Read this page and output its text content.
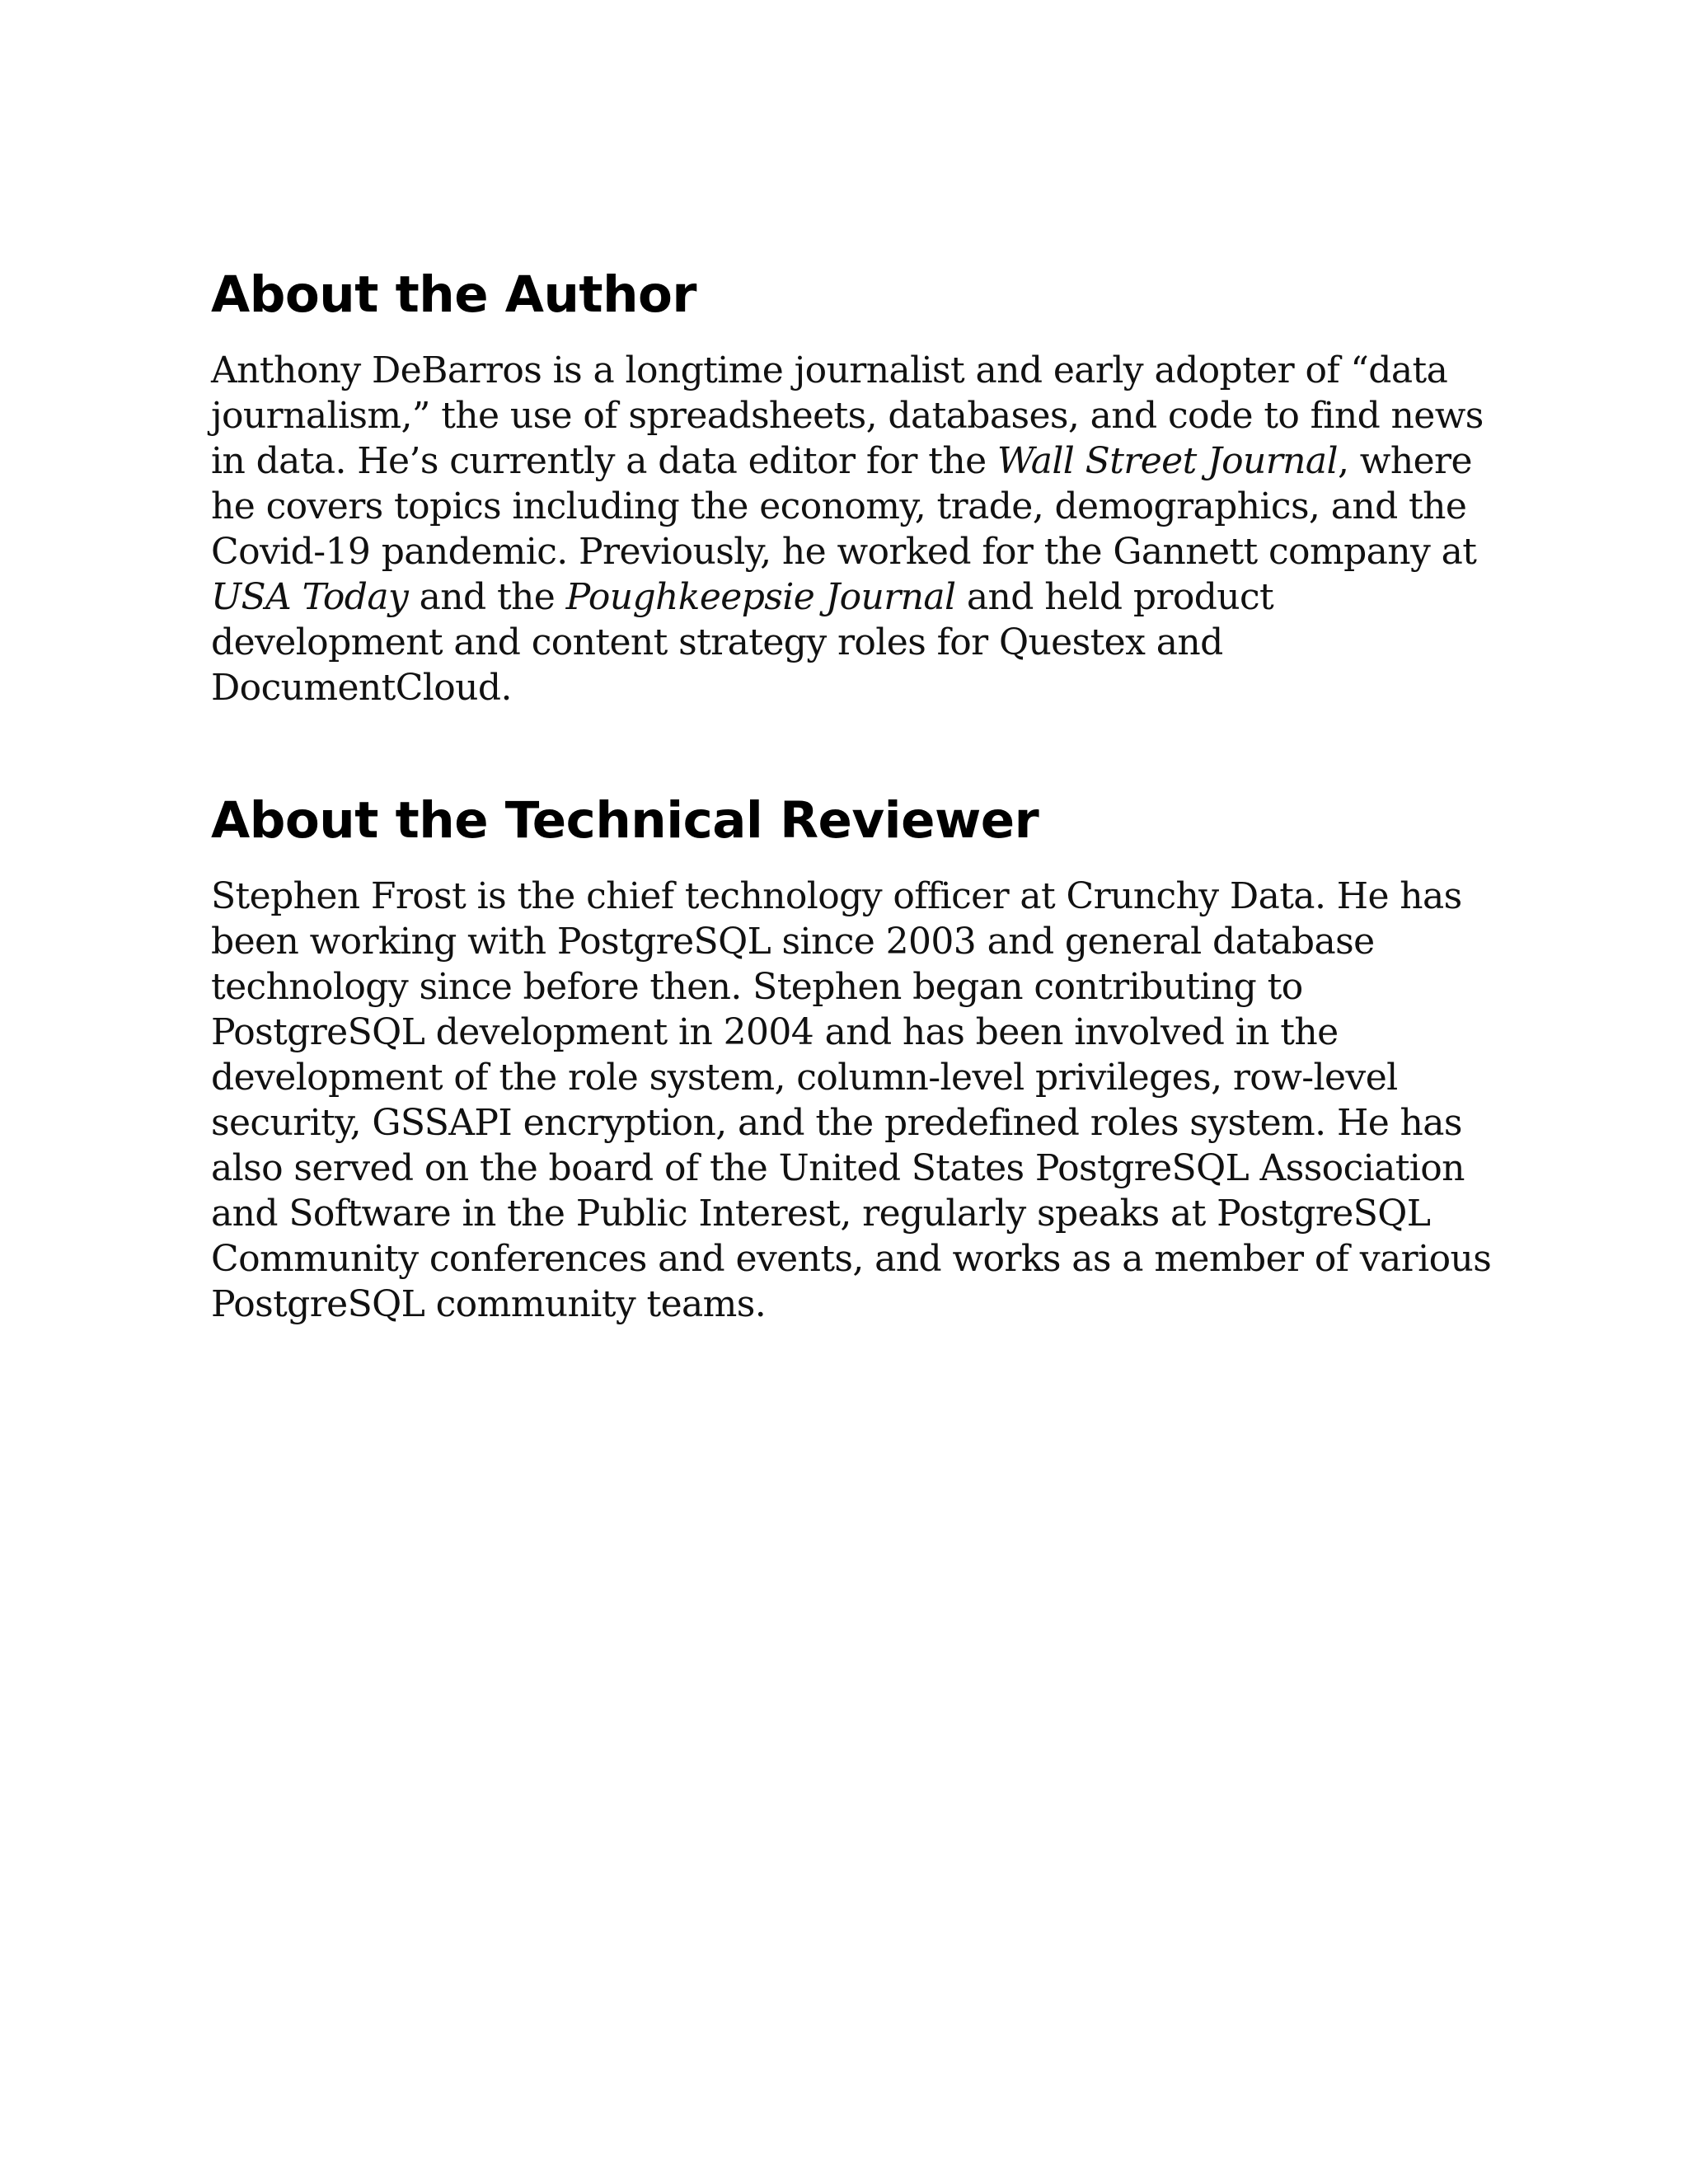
About the Author

Anthony DeBarros is a longtime journalist and early adopter of “data journalism,” the use of spreadsheets, databases, and code to find news in data. He’s currently a data editor for the Wall Street Journal, where he covers topics including the economy, trade, demographics, and the Covid-19 pandemic. Previously, he worked for the Gannett company at USA Today and the Poughkeepsie Journal and held product development and content strategy roles for Questex and DocumentCloud.

About the Technical Reviewer

Stephen Frost is the chief technology officer at Crunchy Data. He has been working with PostgreSQL since 2003 and general database technology since before then. Stephen began contributing to PostgreSQL development in 2004 and has been involved in the development of the role system, column-level privileges, row-level security, GSSAPI encryption, and the predefined roles system. He has also served on the board of the United States PostgreSQL Association and Software in the Public Interest, regularly speaks at PostgreSQL Community conferences and events, and works as a member of various PostgreSQL community teams.
